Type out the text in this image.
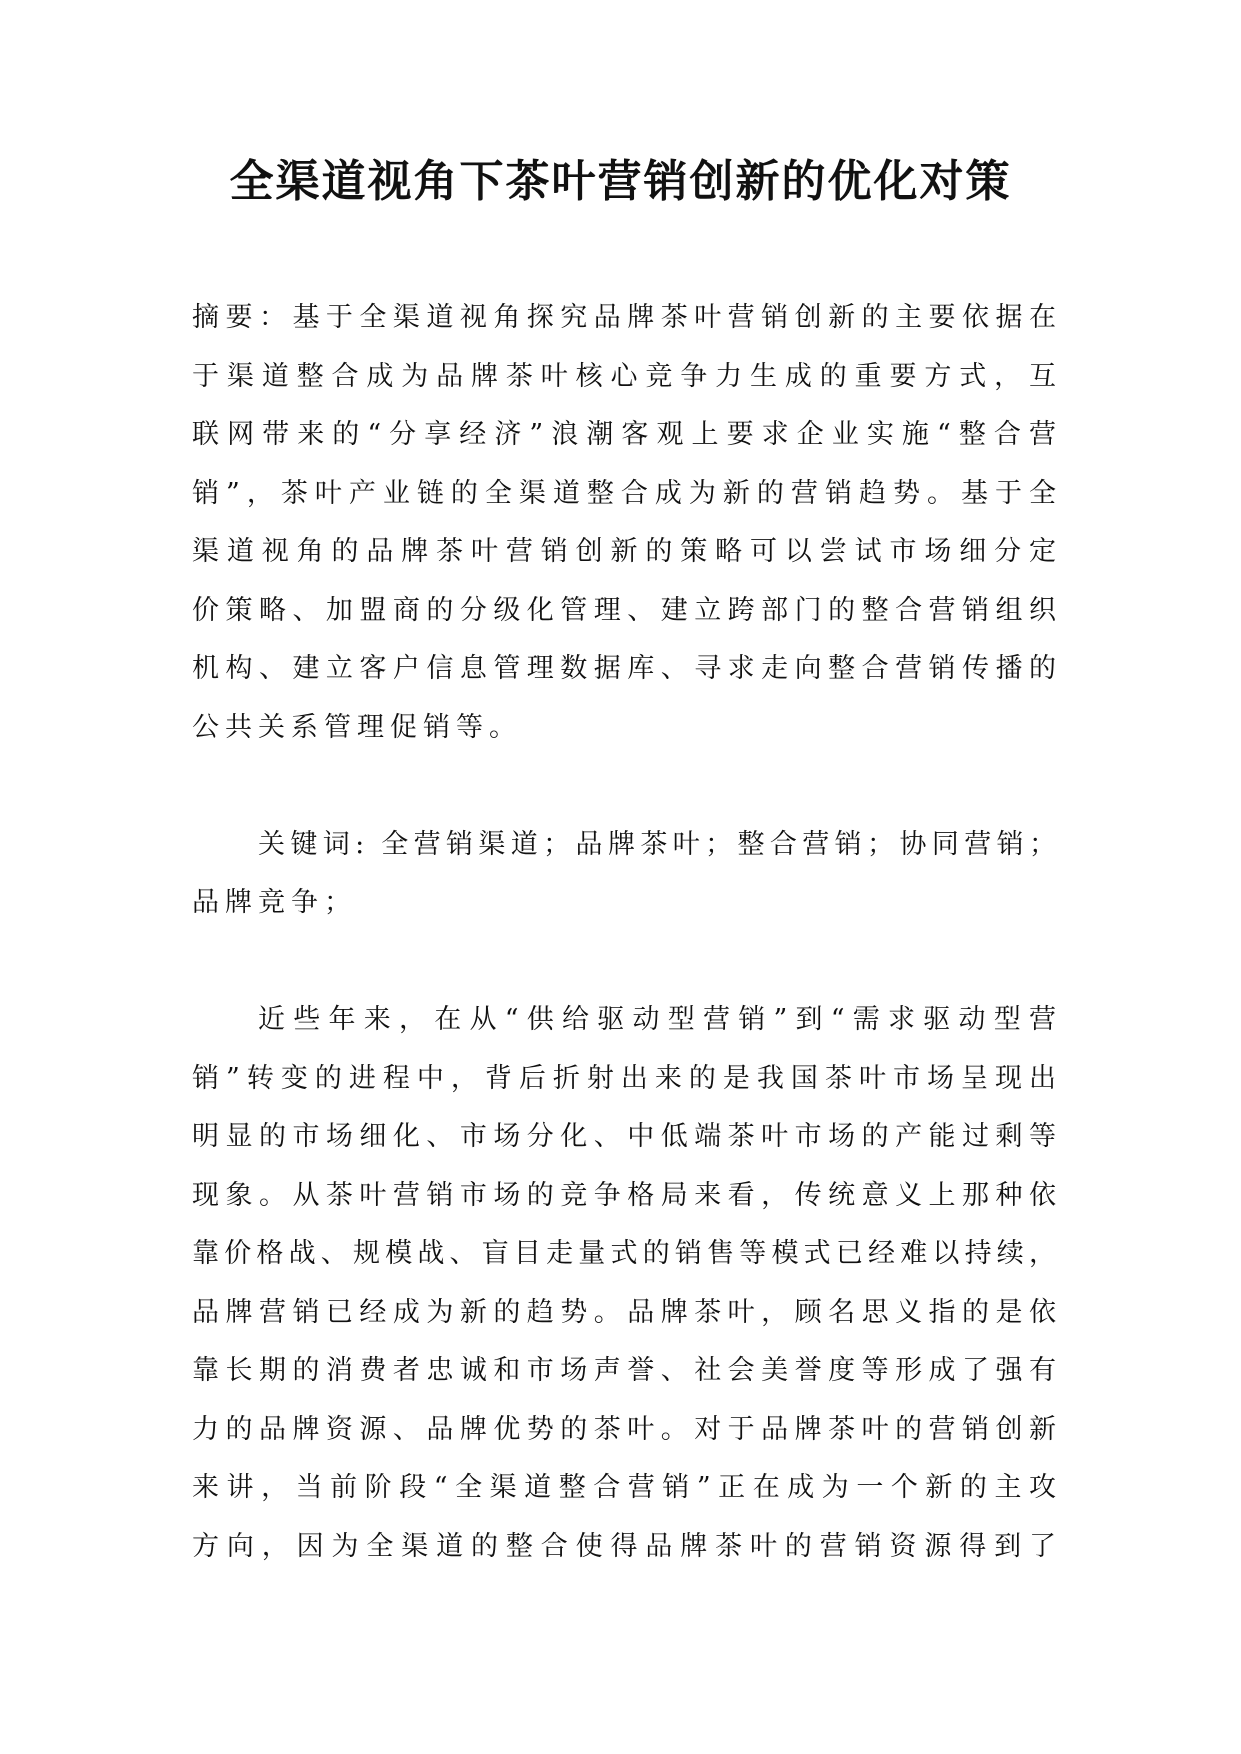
全渠道视角下茶叶营销创新的优化对策
摘要：基于全渠道视角探究品牌茶叶营销创新的主要依据在
于渠道整合成为品牌茶叶核心竞争力生成的重要方式，互
联网带来的“分享经济”浪潮客观上要求企业实施“整合营
销”，茶叶产业链的全渠道整合成为新的营销趋势。基于全
渠道视角的品牌茶叶营销创新的策略可以尝试市场细分定
价策略、加盟商的分级化管理、建立跨部门的整合营销组织
机构、建立客户信息管理数据库、寻求走向整合营销传播的
公共关系管理促销等。
关键词: 全营销渠道；品牌茶叶；整合营销；协同营销；
品牌竞争；
近些年来，在从“供给驱动型营销”到“需求驱动型营
销”转变的进程中，背后折射出来的是我国茶叶市场呈现出
明显的市场细化、市场分化、中低端茶叶市场的产能过剩等
现象。从茶叶营销市场的竞争格局来看，传统意义上那种依
靠价格战、规模战、盲目走量式的销售等模式已经难以持续，
品牌营销已经成为新的趋势。品牌茶叶，顾名思义指的是依
靠长期的消费者忠诚和市场声誉、社会美誉度等形成了强有
力的品牌资源、品牌优势的茶叶。对于品牌茶叶的营销创新
来讲，当前阶段“全渠道整合营销”正在成为一个新的主攻
方向，因为全渠道的整合使得品牌茶叶的营销资源得到了
